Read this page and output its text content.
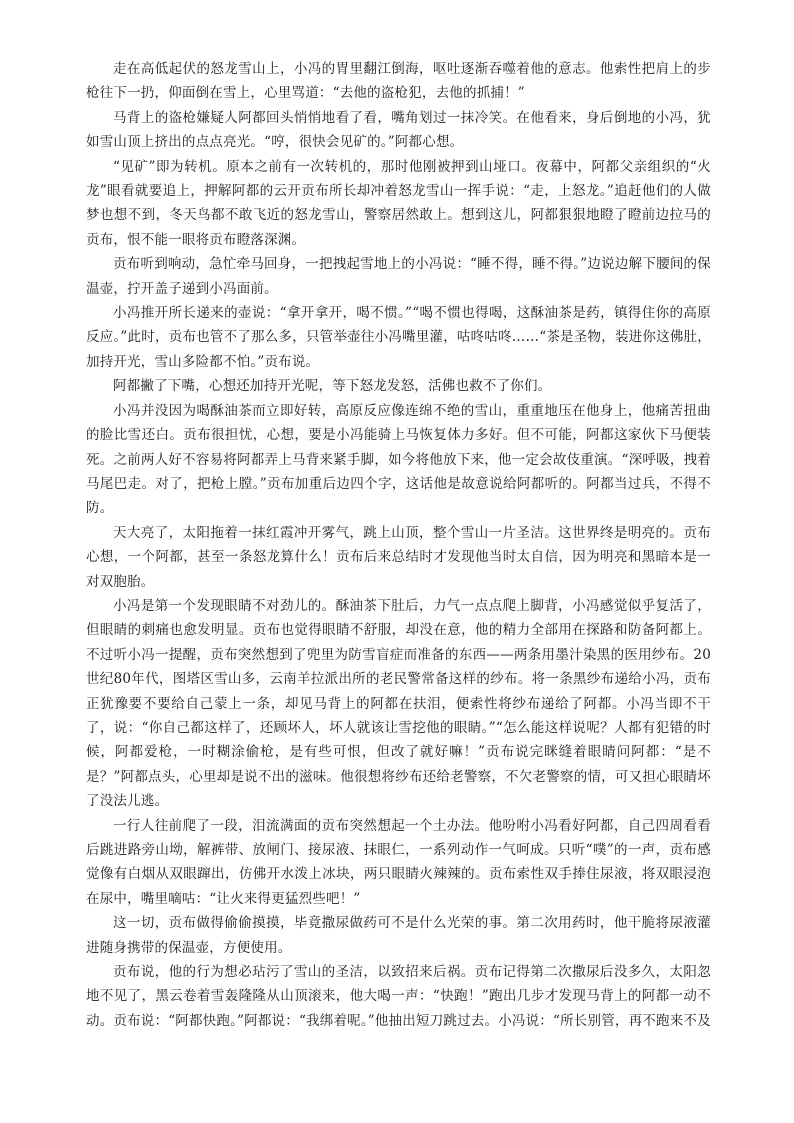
走在高低起伏的怒龙雪山上，小冯的胃里翻江倒海，呕吐逐渐吞噬着他的意志。他索性把肩上的步枪往下一扔，仰面倒在雪上，心里骂道：“去他的盗枪犯，去他的抓捕！”

马背上的盗枪嫌疑人阿都回头悄悄地看了看，嘴角划过一抹冷笑。在他看来，身后倒地的小冯，犹如雪山顶上挤出的点点亮光。“哼，很快会见矿的。”阿都心想。

“见矿”即为转机。原本之前有一次转机的，那时他刚被押到山垭口。夜幕中，阿都父亲组织的“火龙”眼看就要追上，押解阿都的云开贡布所长却冲着怒龙雪山一挥手说：“走，上怒龙。”追赶他们的人做梦也想不到，冬天鸟都不敢飞近的怒龙雪山，警察居然敢上。想到这儿，阿都狠狠地瞪了瞪前边拉马的贡布，恨不能一眼将贡布瞪落深渊。

贡布听到响动，急忙牵马回身，一把拽起雪地上的小冯说：“睡不得，睡不得。”边说边解下腰间的保温壶，拧开盖子递到小冯面前。

小冯推开所长递来的壶说：“拿开拿开，喝不惯。”“喝不惯也得喝，这酥油茶是药，镇得住你的高原反应。”此时，贡布也管不了那么多，只管举壶往小冯嘴里灌，咕咚咕咚……“茶是圣物，装进你这佛肚，加持开光，雪山多险都不怕。”贡布说。

阿都撇了下嘴，心想还加持开光呢，等下怒龙发怒，活佛也救不了你们。

小冯并没因为喝酥油茶而立即好转，高原反应像连绵不绝的雪山，重重地压在他身上，他痛苦扭曲的脸比雪还白。贡布很担忧，心想，要是小冯能骑上马恢复体力多好。但不可能，阿都这家伙下马便装死。之前两人好不容易将阿都弄上马背来紧手脚，如今将他放下来，他一定会故伎重演。“深呼吸，拽着马尾巴走。对了，把枪上膛。”贡布加重后边四个字，这话他是故意说给阿都听的。阿都当过兵，不得不防。

天大亮了，太阳拖着一抹红霞冲开雾气，跳上山顶，整个雪山一片圣洁。这世界终是明亮的。贡布心想，一个阿都，甚至一条怒龙算什么！贡布后来总结时才发现他当时太自信，因为明亮和黑暗本是一对双胞胎。

小冯是第一个发现眼睛不对劲儿的。酥油茶下肚后，力气一点点爬上脚背，小冯感觉似乎复活了，但眼睛的刺痛也愈发明显。贡布也觉得眼睛不舒服，却没在意，他的精力全部用在探路和防备阿都上。不过听小冯一提醒，贡布突然想到了兜里为防雪盲症而准备的东西——两条用墨汁染黑的医用纱布。20世纪80年代，图塔区雪山多，云南羊拉派出所的老民警常备这样的纱布。将一条黑纱布递给小冯，贡布正犹豫要不要给自己蒙上一条，却见马背上的阿都在扶泪，便索性将纱布递给了阿都。小冯当即不干了，说：“你自己都这样了，还顾坏人，坏人就该让雪挖他的眼睛。”“怎么能这样说呢？人都有犯错的时候，阿都爱枪，一时糊涂偷枪，是有些可恨，但改了就好嘛！”贡布说完眯缝着眼睛问阿都：“是不是？”阿都点头，心里却是说不出的滋味。他很想将纱布还给老警察，不欠老警察的情，可又担心眼睛坏了没法儿逃。

一行人往前爬了一段，泪流满面的贡布突然想起一个土办法。他吩咐小冯看好阿都，自己四周看看后跳进路旁山坳，解裤带、放闸门、接尿液、抹眼仁，一系列动作一气呵成。只听“噗”的一声，贡布感觉像有白烟从双眼蹿出，仿佛开水泼上冰块，两只眼睛火辣辣的。贡布索性双手捧住尿液，将双眼浸泡在尿中，嘴里嘀咕：“让火来得更猛烈些吧！”

这一切，贡布做得偷偷摸摸，毕竟撒尿做药可不是什么光荣的事。第二次用药时，他干脆将尿液灌进随身携带的保温壶，方便使用。

贡布说，他的行为想必玷污了雪山的圣洁，以致招来后祸。贡布记得第二次撒尿后没多久，太阳忽地不见了，黑云卷着雪轰隆隆从山顶滚来，他大喝一声：“快跑！”跑出几步才发现马背上的阿都一动不动。贡布说：“阿都快跑。”阿都说：“我绑着呢。”他抽出短刀跳过去。小冯说：“所长别管，再不跑来不及
